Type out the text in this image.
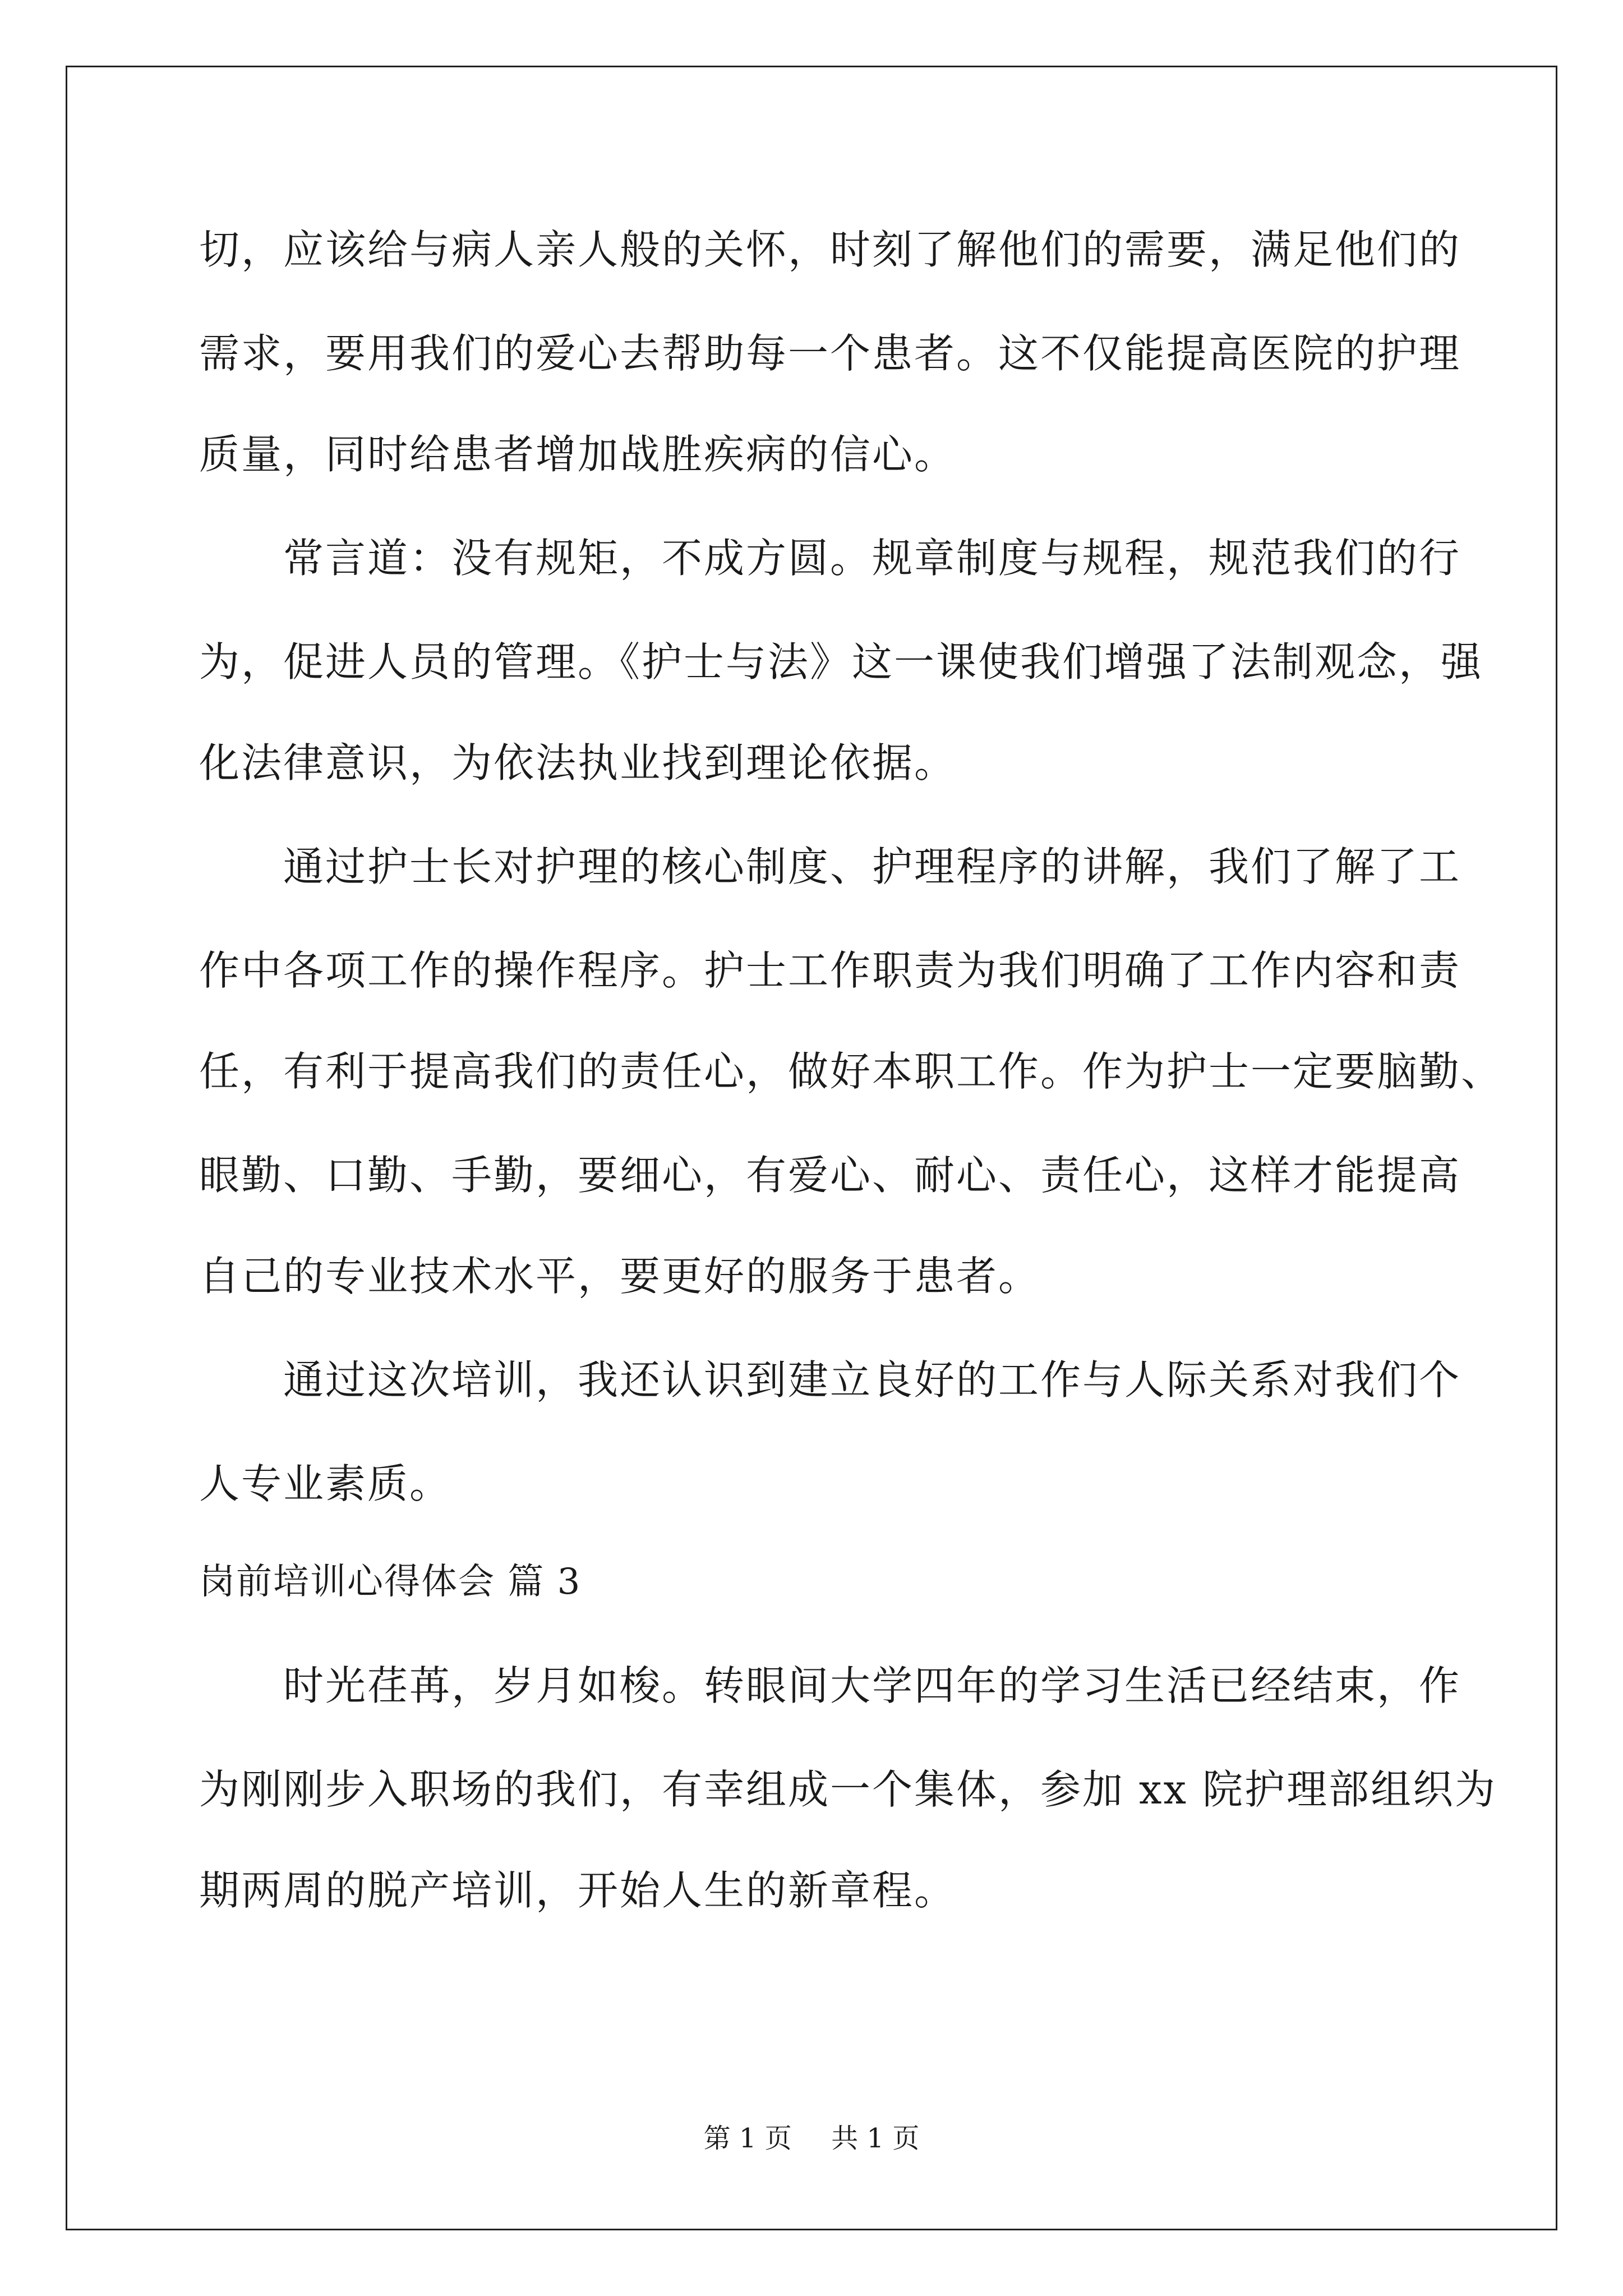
切，应该给与病人亲人般的关怀，时刻了解他们的需要，满足他们的
需求，要用我们的爱心去帮助每一个患者。这不仅能提高医院的护理
质量，同时给患者增加战胜疾病的信心。
　　常言道：没有规矩，不成方圆。规章制度与规程，规范我们的行
为，促进人员的管理。《护士与法》这一课使我们增强了法制观念，强
化法律意识，为依法执业找到理论依据。
　　通过护士长对护理的核心制度、护理程序的讲解，我们了解了工
作中各项工作的操作程序。护士工作职责为我们明确了工作内容和责
任，有利于提高我们的责任心，做好本职工作。作为护士一定要脑勤、
眼勤、口勤、手勤，要细心，有爱心、耐心、责任心，这样才能提高
自己的专业技术水平，要更好的服务于患者。
　　通过这次培训，我还认识到建立良好的工作与人际关系对我们个
人专业素质。
岗前培训心得体会 篇 3
　　时光荏苒，岁月如梭。转眼间大学四年的学习生活已经结束，作
为刚刚步入职场的我们，有幸组成一个集体，参加 xx 院护理部组织为
期两周的脱产培训，开始人生的新章程。
第 1 页 共 1 页
